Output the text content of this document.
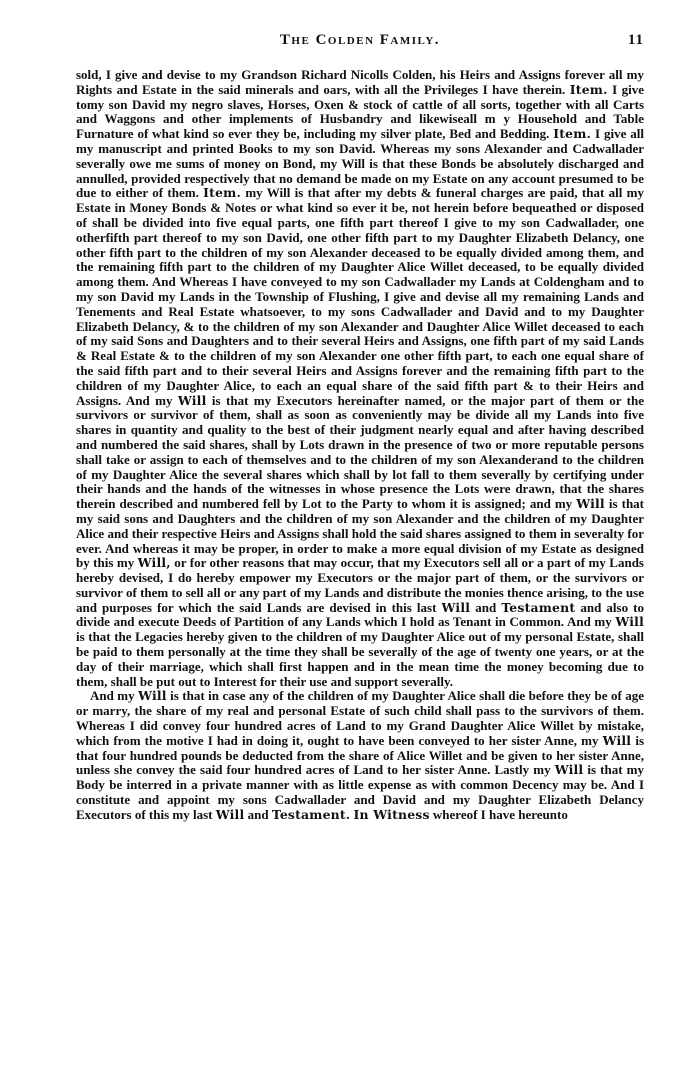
The Colden Family.	11

sold, I give and devise to my Grandson Richard Nicolls Colden, his Heirs and Assigns forever all my Rights and Estate in the said minerals and oars, with all the Privileges I have therein. Item. I give tomy son David my negro slaves, Horses, Oxen & stock of cattle of all sorts, together with all Carts and Waggons and other implements of Husbandry and likewiseall m y Household and Table Furnature of what kind so ever they be, including my silver plate, Bed and Bedding. Item. I give all my manuscript and printed Books to my son David. Whereas my sons Alexander and Cadwallader severally owe me sums of money on Bond, my Will is that these Bonds be absolutely discharged and annulled, provided respectively that no demand be made on my Estate on any account presumed to be due to either of them. Item. my Will is that after my debts & funeral charges are paid, that all my Estate in Money Bonds & Notes or what kind so ever it be, not herein before bequeathed or disposed of shall be divided into five equal parts, one fifth part thereof I give to my son Cadwallader, one otherfifth part thereof to my son David, one other fifth part to my Daughter Elizabeth Delancy, one other fifth part to the children of my son Alexander deceased to be equally divided among them, and the remaining fifth part to the children of my Daughter Alice Willet deceased, to be equally divided among them. And Whereas I have conveyed to my son Cadwallader my Lands at Coldengham and to my son David my Lands in the Township of Flushing, I give and devise all my remaining Lands and Tenements and Real Estate whatsoever, to my sons Cadwallader and David and to my Daughter Elizabeth Delancy, & to the children of my son Alexander and Daughter Alice Willet deceased to each of my said Sons and Daughters and to their several Heirs and Assigns, one fifth part of my said Lands & Real Estate & to the children of my son Alexander one other fifth part, to each one equal share of the said fifth part and to their several Heirs and Assigns forever and the remaining fifth part to the children of my Daughter Alice, to each an equal share of the said fifth part & to their Heirs and Assigns. And my Will is that my Executors hereinafter named, or the major part of them or the survivors or survivor of them, shall as soon as conveniently may be divide all my Lands into five shares in quantity and quality to the best of their judgment nearly equal and after having described and numbered the said shares, shall by Lots drawn in the presence of two or more reputable persons shall take or assign to each of themselves and to the children of my son Alexanderand to the children of my Daughter Alice the several shares which shall by lot fall to them severally by certifying under their hands and the hands of the witnesses in whose presence the Lots were drawn, that the shares therein described and numbered fell by Lot to the Party to whom it is assigned; and my Will is that my said sons and Daughters and the children of my son Alexander and the children of my Daughter Alice and their respective Heirs and Assigns shall hold the said shares assigned to them in severalty for ever. And whereas it may be proper, in order to make a more equal division of my Estate as designed by this my Will, or for other reasons that may occur, that my Executors sell all or a part of my Lands hereby devised, I do hereby empower my Executors or the major part of them, or the survivors or survivor of them to sell all or any part of my Lands and distribute the monies thence arising, to the use and purposes for which the said Lands are devised in this last Will and Testament and also to divide and execute Deeds of Partition of any Lands which I hold as Tenant in Common. And my Will is that the Legacies hereby given to the children of my Daughter Alice out of my personal Estate, shall be paid to them personally at the time they shall be severally of the age of twenty one years, or at the day of their marriage, which shall first happen and in the mean time the money becoming due to them, shall be put out to Interest for their use and support severally.

And my Will is that in case any of the children of my Daughter Alice shall die before they be of age or marry, the share of my real and personal Estate of such child shall pass to the survivors of them. Whereas I did convey four hundred acres of Land to my Grand Daughter Alice Willet by mistake, which from the motive I had in doing it, ought to have been conveyed to her sister Anne, my Will is that four hundred pounds be deducted from the share of Alice Willet and be given to her sister Anne, unless she convey the said four hundred acres of Land to her sister Anne. Lastly my Will is that my Body be interred in a private manner with as little expense as with common Decency may be. And I constitute and appoint my sons Cadwallader and David and my Daughter Elizabeth Delancy Executors of this my last Will and Testament. In Witness whereof I have hereunto
